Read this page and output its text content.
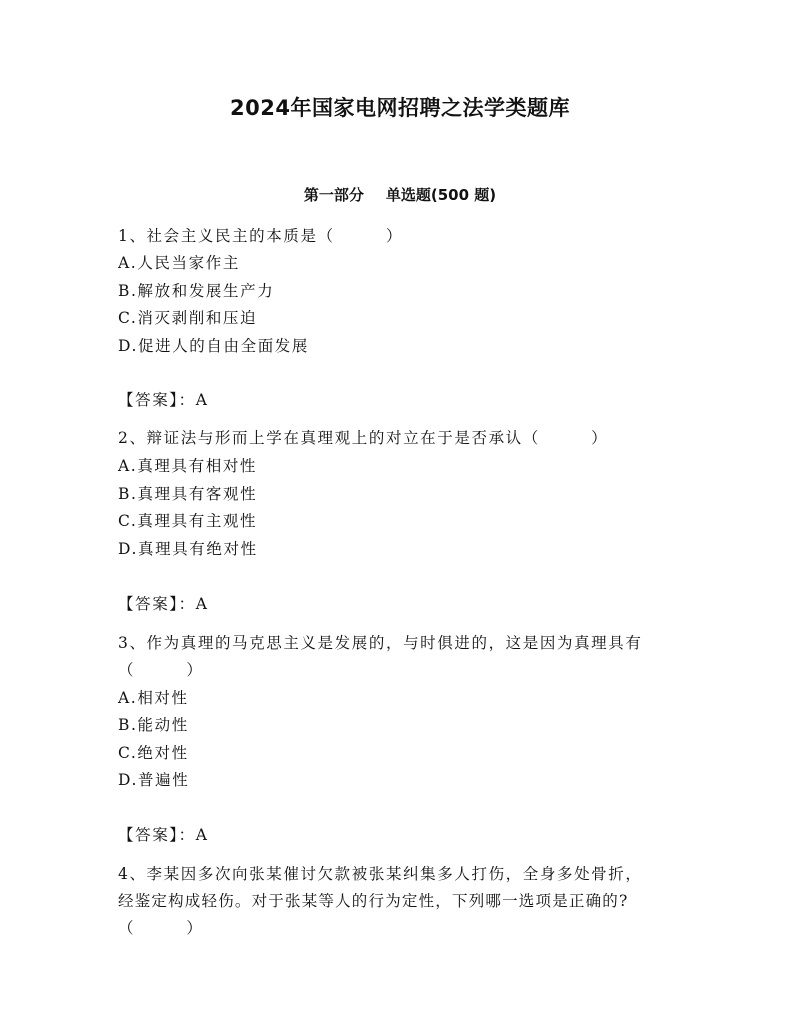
2024年国家电网招聘之法学类题库
第一部分 单选题(500 题)
1、社会主义民主的本质是（　　　）
A.人民当家作主
B.解放和发展生产力
C.消灭剥削和压迫
D.促进人的自由全面发展
【答案】：A
2、辩证法与形而上学在真理观上的对立在于是否承认（　　　）
A.真理具有相对性
B.真理具有客观性
C.真理具有主观性
D.真理具有绝对性
【答案】：A
3、作为真理的马克思主义是发展的，与时俱进的，这是因为真理具有
（　　　）
A.相对性
B.能动性
C.绝对性
D.普遍性
【答案】：A
4、李某因多次向张某催讨欠款被张某纠集多人打伤，全身多处骨折，
经鉴定构成轻伤。对于张某等人的行为定性，下列哪一选项是正确的?
（　　　）
